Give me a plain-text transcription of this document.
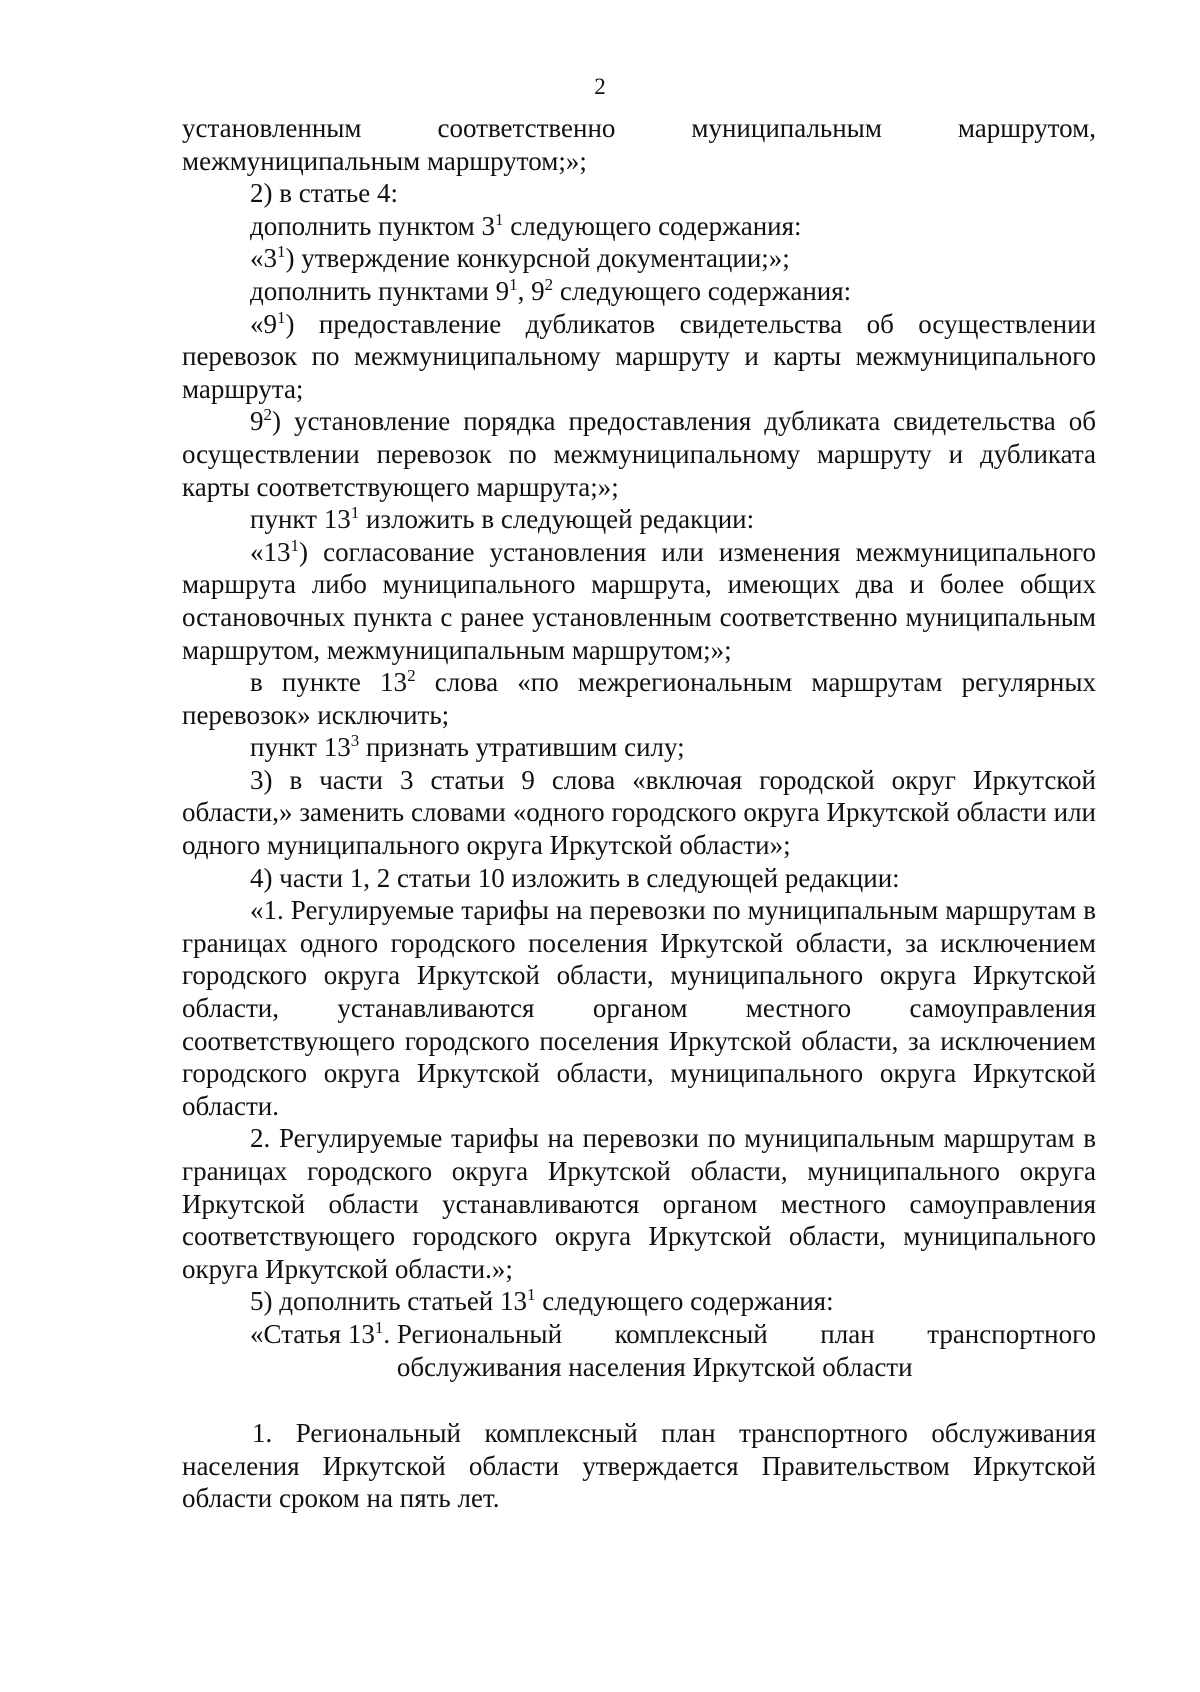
2

установленным соответственно муниципальным маршрутом,

межмуниципальным маршрутом;»;

2) в статье 4:

дополнить пунктом $3^1$ следующего содержания:

«$3^1$) утверждение конкурсной документации;»;

дополнить пунктами $9^1$, $9^2$ следующего содержания:

«$9^1$) предоставление дубликатов свидетельства об осуществлении перевозок по межмуниципальному маршруту и карты межмуниципального маршрута;

$9^2$) установление порядка предоставления дубликата свидетельства об осуществлении перевозок по межмуниципальному маршруту и дубликата карты соответствующего маршрута;»;

пункт $13^1$ изложить в следующей редакции:

«$13^1$) согласование установления или изменения межмуниципального маршрута либо муниципального маршрута, имеющих два и более общих остановочных пункта с ранее установленным соответственно муниципальным маршрутом, межмуниципальным маршрутом;»;

в пункте $13^2$ слова «по межрегиональным маршрутам регулярных перевозок» исключить;

пункт $13^3$ признать утратившим силу;

3) в части 3 статьи 9 слова «включая городской округ Иркутской области,» заменить словами «одного городского округа Иркутской области или одного муниципального округа Иркутской области»;

4) части 1, 2 статьи 10 изложить в следующей редакции:

«1. Регулируемые тарифы на перевозки по муниципальным маршрутам в границах одного городского поселения Иркутской области, за исключением городского округа Иркутской области, муниципального округа Иркутской области, устанавливаются органом местного самоуправления соответствующего городского поселения Иркутской области, за исключением городского округа Иркутской области, муниципального округа Иркутской области.

2. Регулируемые тарифы на перевозки по муниципальным маршрутам в границах городского округа Иркутской области, муниципального округа Иркутской области устанавливаются органом местного самоуправления соответствующего городского округа Иркутской области, муниципального округа Иркутской области.»;

5) дополнить статьей $13^1$ следующего содержания:

«Статья $13^1$. Региональный комплексный план транспортного обслуживания населения Иркутской области

1. Региональный комплексный план транспортного обслуживания населения Иркутской области утверждается Правительством Иркутской области сроком на пять лет.
